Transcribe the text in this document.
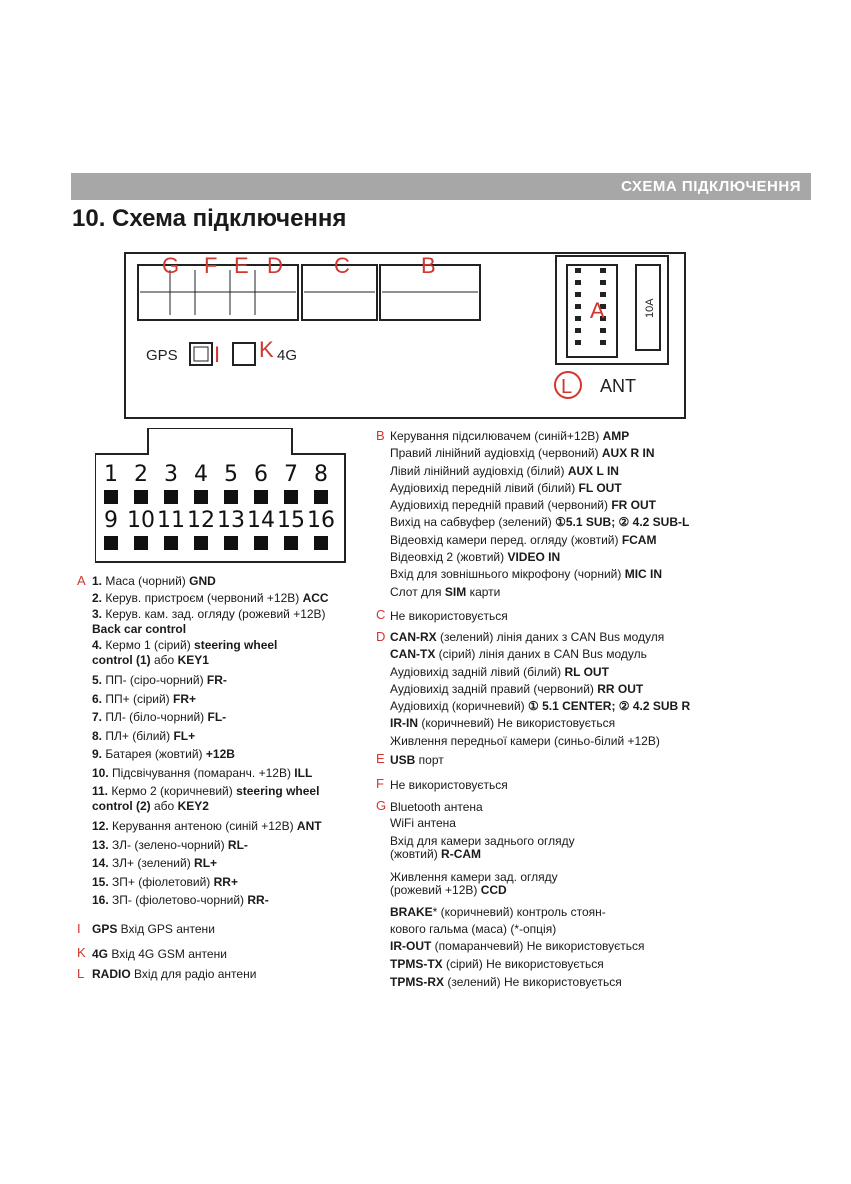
СХЕМА ПІДКЛЮЧЕННЯ
10. Схема підключення
G F E D C	B
A
I K
L
GPS	4G
ANT
10A
1 2 3 4 5 6 7 8
9 10 11 12 13 14 15 16
A 1. Маса (чорний) GND
2. Керув. пристроєм (червоний +12В) ACC
3. Керув. кам. зад. огляду (рожевий +12В)
Back car control
4. Кермо 1 (сірий) steering wheel
control (1) або KEY1
5. ПП- (сіро-чорний) FR-
6. ПП+ (сірий) FR+
7. ПЛ- (біло-чорний) FL-
8. ПЛ+ (білий) FL+
9. Батарея (жовтий) +12В
10. Підсвічування (помаранч. +12В) ILL
11. Кермо 2 (коричневий) steering wheel
control (2) або KEY2
12. Керування антеною (синій +12В) ANT
13. ЗЛ- (зелено-чорний) RL-
14. ЗЛ+ (зелений) RL+
15. ЗП+ (фіолетовий) RR+
16. ЗП- (фіолетово-чорний) RR-
I GPS Вхід GPS антени
K 4G Вхід 4G GSM антени
L RADIO Вхід для радіо антени
B Керування підсилювачем (синій+12В) AMP
Правий лінійний аудіовхід (червоний) AUX R IN
Лівий лінійний аудіовхід (білий) AUX L IN
Аудіовихід передній лівий (білий) FL OUT
Аудіовихід передній правий (червоний) FR OUT
Вихід на сабвуфер (зелений) ①5.1 SUB; ② 4.2 SUB-L
Відеовхід камери перед. огляду (жовтий) FCAM
Відеовхід 2 (жовтий) VIDEO IN
Вхід для зовнішнього мікрофону (чорний) MIC IN
Слот для SIM карти
C Не використовується
D CAN-RX (зелений) лінія даних з CAN Bus модуля
CAN-TX (сірий) лінія даних в CAN Bus модуль
Аудіовихід задній лівий (білий) RL OUT
Аудіовихід задній правий (червоний) RR OUT
Аудіовихід (коричневий) ① 5.1 CENTER; ② 4.2 SUB R
IR-IN (коричневий) Не використовується
Живлення передньої камери (синьо-білий +12В)
E USB порт
F Не використовується
G Bluetooth антена
WiFi антена
Вхід для камери заднього огляду
(жовтий) R-CAM
Живлення камери зад. огляду
(рожевий +12В) CCD
BRAKE* (коричневий) контроль стоян-
кового гальма (маса) (*-опція)
IR-OUT (помаранчевий) Не використовується
TPMS-TX (сірий) Не використовується
TPMS-RX (зелений) Не використовується
